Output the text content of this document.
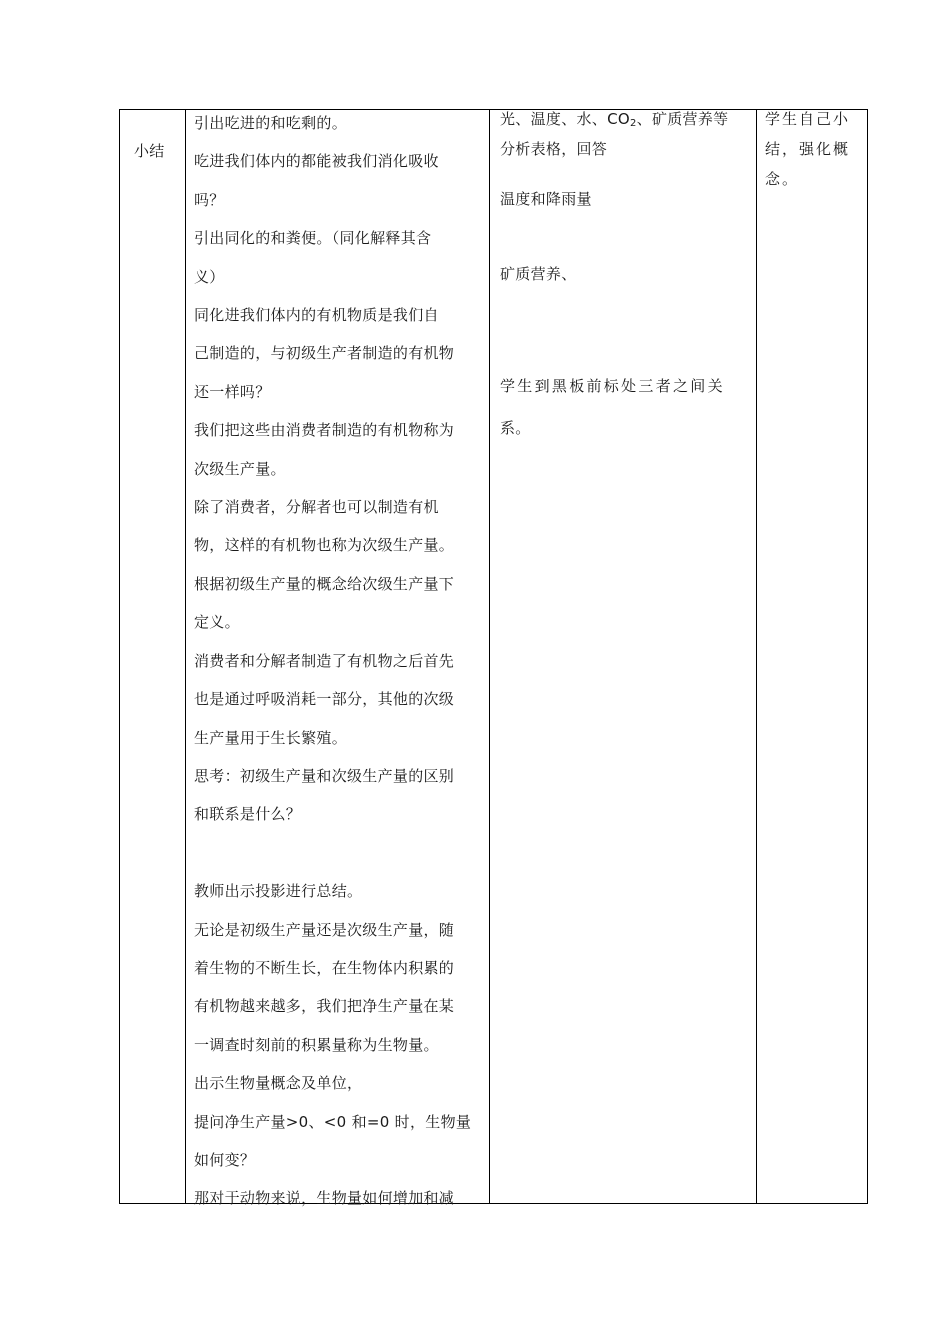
小结

引出吃进的和吃剩的。

吃进我们体内的都能被我们消化吸收

吗？

引出同化的和粪便。（同化解释其含

义）

同化进我们体内的有机物质是我们自

己制造的，与初级生产者制造的有机物

还一样吗？

我们把这些由消费者制造的有机物称为

次级生产量。

除了消费者，分解者也可以制造有机

物，这样的有机物也称为次级生产量。

根据初级生产量的概念给次级生产量下

定义。

消费者和分解者制造了有机物之后首先

也是通过呼吸消耗一部分，其他的次级

生产量用于生长繁殖。

思考：初级生产量和次级生产量的区别

和联系是什么？

教师出示投影进行总结。

无论是初级生产量还是次级生产量，随

着生物的不断生长，在生物体内积累的

有机物越来越多，我们把净生产量在某

一调查时刻前的积累量称为生物量。

出示生物量概念及单位，

提问净生产量>0、<0 和=0 时，生物量

如何变？

那对于动物来说，生物量如何增加和减

光、温度、水、$CO_2$、矿质营养等

分析表格，回答

温度和降雨量

矿质营养、

学生到黑板前标处三者之间关

系。

学生自己小

结，强化概

念。
